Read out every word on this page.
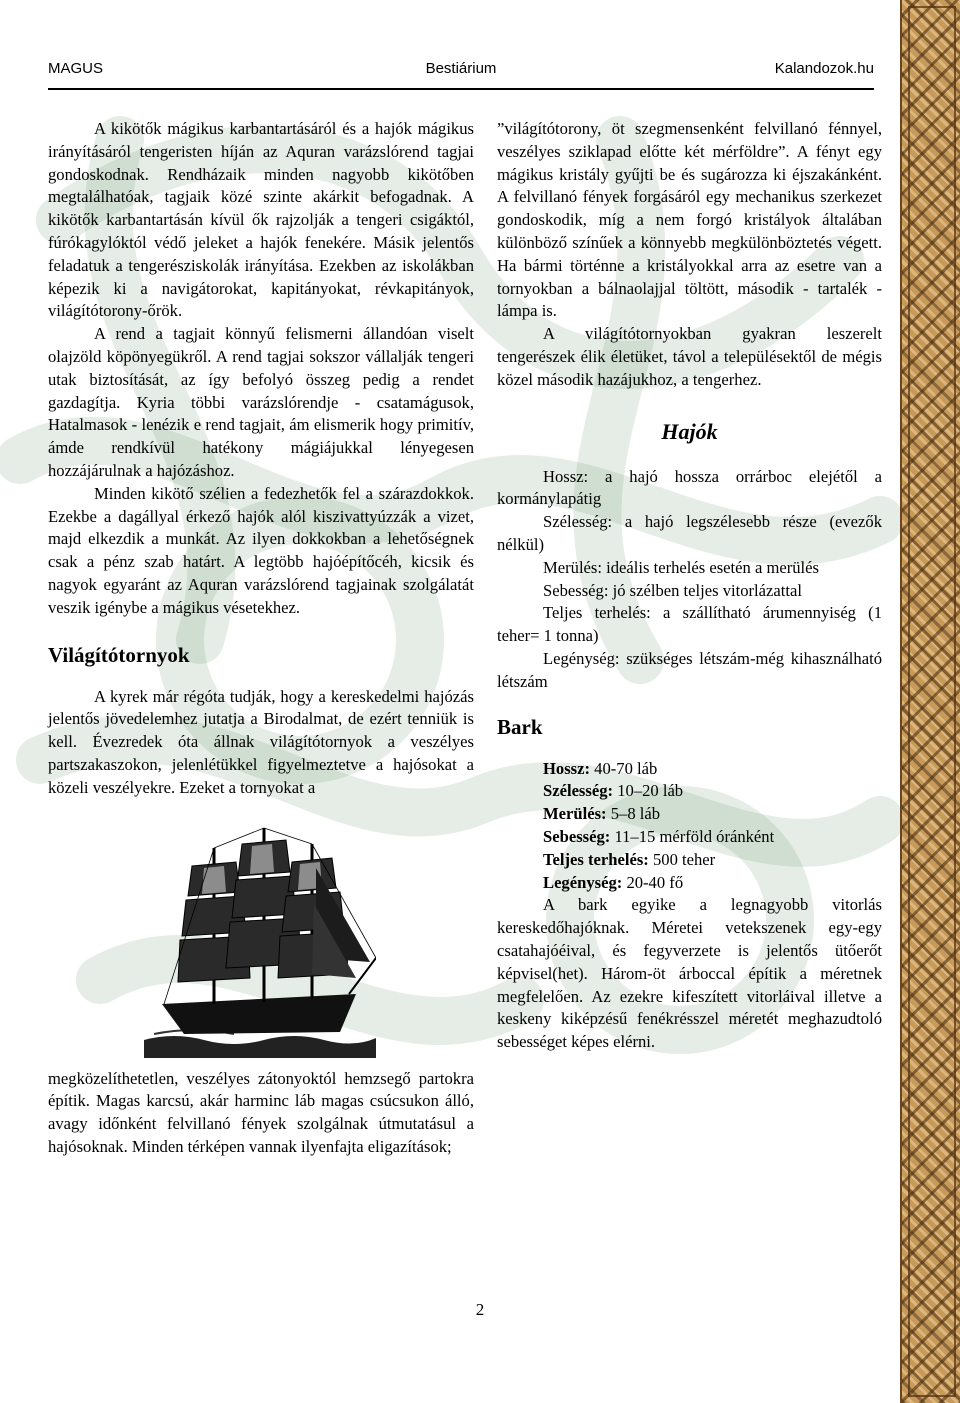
MAGUS	Bestiárium	Kalandozok.hu

A kikötők mágikus karbantartásáról és a hajók mágikus irányításáról tengeristen híján az Aquran varázslórend tagjai gondoskodnak. Rendházaik minden nagyobb kikötőben megtalálhatóak, tagjaik közé szinte akárkit befogadnak. A kikötők karbantartásán kívül ők rajzolják a tengeri csigáktól, fúrókagylóktól védő jeleket a hajók fenekére. Másik jelentős feladatuk a tengerésziskolák irányítása. Ezekben az iskolákban képezik ki a navigátorokat, kapitányokat, révkapitányok, világítótorony-őrök.

A rend a tagjait könnyű felismerni állandóan viselt olajzöld köpönyegükről. A rend tagjai sokszor vállalják tengeri utak biztosítását, az így befolyó összeg pedig a rendet gazdagítja. Kyria többi varázslórendje - csatamágusok, Hatalmasok - lenézik e rend tagjait, ám elismerik hogy primitív, ámde rendkívül hatékony mágiájukkal lényegesen hozzájárulnak a hajózáshoz.

Minden kikötő szélien a fedezhetők fel a szárazdokkok. Ezekbe a dagállyal érkező hajók alól kiszivattyúzzák a vizet, majd elkezdik a munkát. Az ilyen dokkokban a lehetőségnek csak a pénz szab határt. A legtöbb hajóépítőcéh, kicsik és nagyok egyaránt az Aquran varázslórend tagjainak szolgálatát veszik igénybe a mágikus vésetekhez.

Világítótornyok

A kyrek már régóta tudják, hogy a kereskedelmi hajózás jelentős jövedelemhez jutatja a Birodalmat, de ezért tenniük is kell. Évezredek óta állnak világítótornyok a veszélyes partszakaszokon, jelenlétükkel figyelmeztetve a hajósokat a közeli veszélyekre. Ezeket a tornyokat a

megközelíthetetlen, veszélyes zátonyoktól hemzsegő partokra építik. Magas karcsú, akár harminc láb magas csúcsukon álló, avagy időnként felvillanó fények szolgálnak útmutatásul a hajósoknak. Minden térképen vannak ilyenfajta eligazítások;

”világítótorony, öt szegmensenként felvillanó fénnyel, veszélyes sziklapad előtte két mérföldre”. A fényt egy mágikus kristály gyűjti be és sugározza ki éjszakánként. A felvillanó fények forgásáról egy mechanikus szerkezet gondoskodik, míg a nem forgó kristályok általában különböző színűek a könnyebb megkülönböztetés végett. Ha bármi történne a kristályokkal arra az esetre van a tornyokban a bálnaolajjal töltött, második - tartalék - lámpa is.

A világítótornyokban gyakran leszerelt tengerészek élik életüket, távol a településektől de mégis közel második hazájukhoz, a tengerhez.

Hajók

Hossz: a hajó hossza orrárboc elejétől a kormánylapátig

Szélesség: a hajó legszélesebb része (evezők nélkül)

Merülés: ideális terhelés esetén a merülés

Sebesség: jó szélben teljes vitorlázattal

Teljes terhelés: a szállítható árumennyiség (1 teher= 1 tonna)

Legénység: szükséges létszám-még kihasználható létszám

Bark
Hossz: 40-70 láb
Szélesség: 10–20 láb
Merülés: 5–8 láb
Sebesség: 11–15 mérföld óránként
Teljes terhelés: 500 teher
Legénység: 20-40 fő

A bark egyike a legnagyobb vitorlás kereskedőhajóknak. Méretei vetekszenek egy-egy csatahajóéival, és fegyverzete is jelentős ütőerőt képvisel(het). Három-öt árboccal építik a méretnek megfelelően. Az ezekre kifeszített vitorláival illetve a keskeny kiképzésű fenékrésszel méretét meghazudtoló sebességet képes elérni.

2
